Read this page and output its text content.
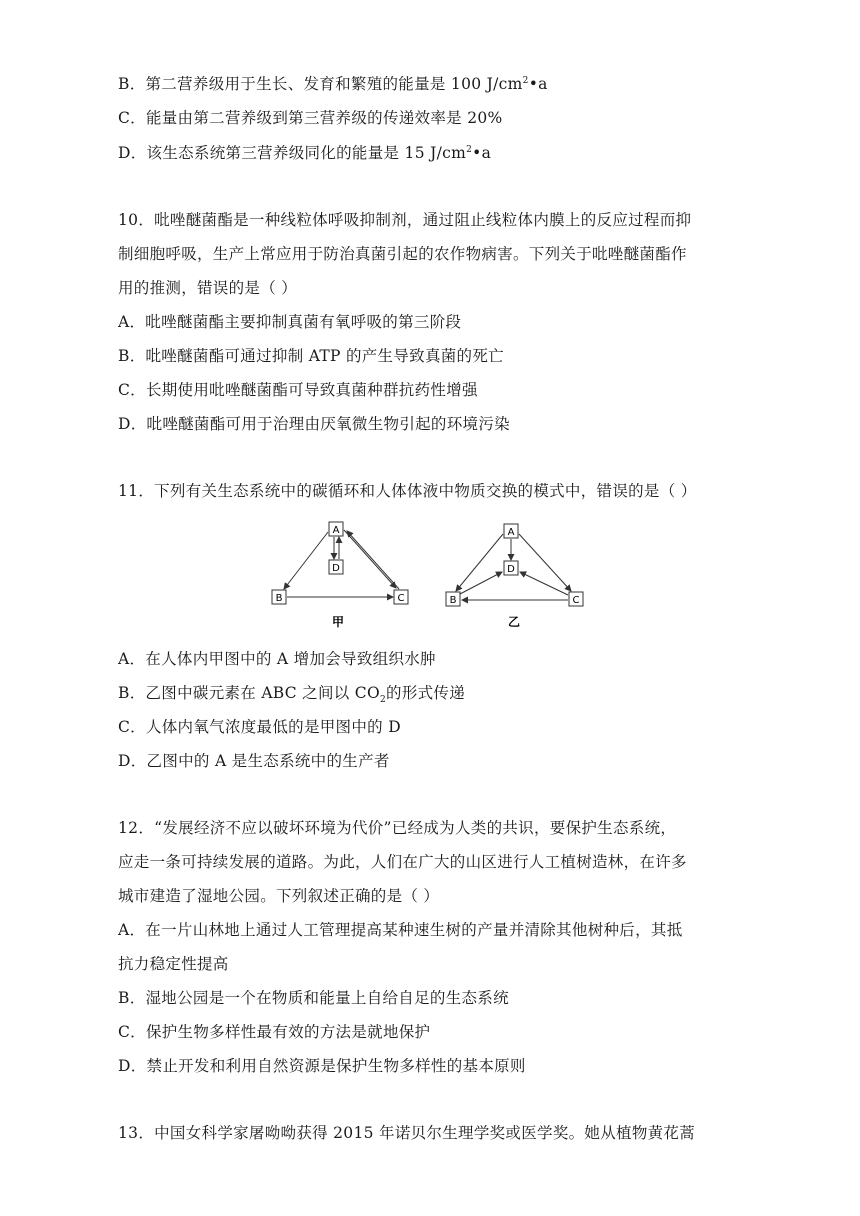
B．第二营养级用于生长、发育和繁殖的能量是 100 $J/cm^2•a$
C．能量由第二营养级到第三营养级的传递效率是 20%
D．该生态系统第三营养级同化的能量是 15 $J/cm^2•a$
10．吡唑醚菌酯是一种线粒体呼吸抑制剂，通过阻止线粒体内膜上的反应过程而抑
制细胞呼吸，生产上常应用于防治真菌引起的农作物病害。下列关于吡唑醚菌酯作
用的推测，错误的是（ ）
A．吡唑醚菌酯主要抑制真菌有氧呼吸的第三阶段
B．吡唑醚菌酯可通过抑制 ATP 的产生导致真菌的死亡
C．长期使用吡唑醚菌酯可导致真菌种群抗药性增强
D．吡唑醚菌酯可用于治理由厌氧微生物引起的环境污染
11．下列有关生态系统中的碳循环和人体体液中物质交换的模式中，错误的是（ ）
A
D
B	C
甲
A
D
B	C
乙
A．在人体内甲图中的 A 增加会导致组织水肿
B．乙图中碳元素在 ABC 之间以 $CO_2$的形式传递
C．人体内氧气浓度最低的是甲图中的 D
D．乙图中的 A 是生态系统中的生产者
12．“发展经济不应以破坏环境为代价”已经成为人类的共识，要保护生态系统，
应走一条可持续发展的道路。为此，人们在广大的山区进行人工植树造林，在许多
城市建造了湿地公园。下列叙述正确的是（ ）
A．在一片山林地上通过人工管理提高某种速生树的产量并清除其他树种后，其抵
抗力稳定性提高
B．湿地公园是一个在物质和能量上自给自足的生态系统
C．保护生物多样性最有效的方法是就地保护
D．禁止开发和利用自然资源是保护生物多样性的基本原则
13．中国女科学家屠呦呦获得 2015 年诺贝尔生理学奖或医学奖。她从植物黄花蒿
